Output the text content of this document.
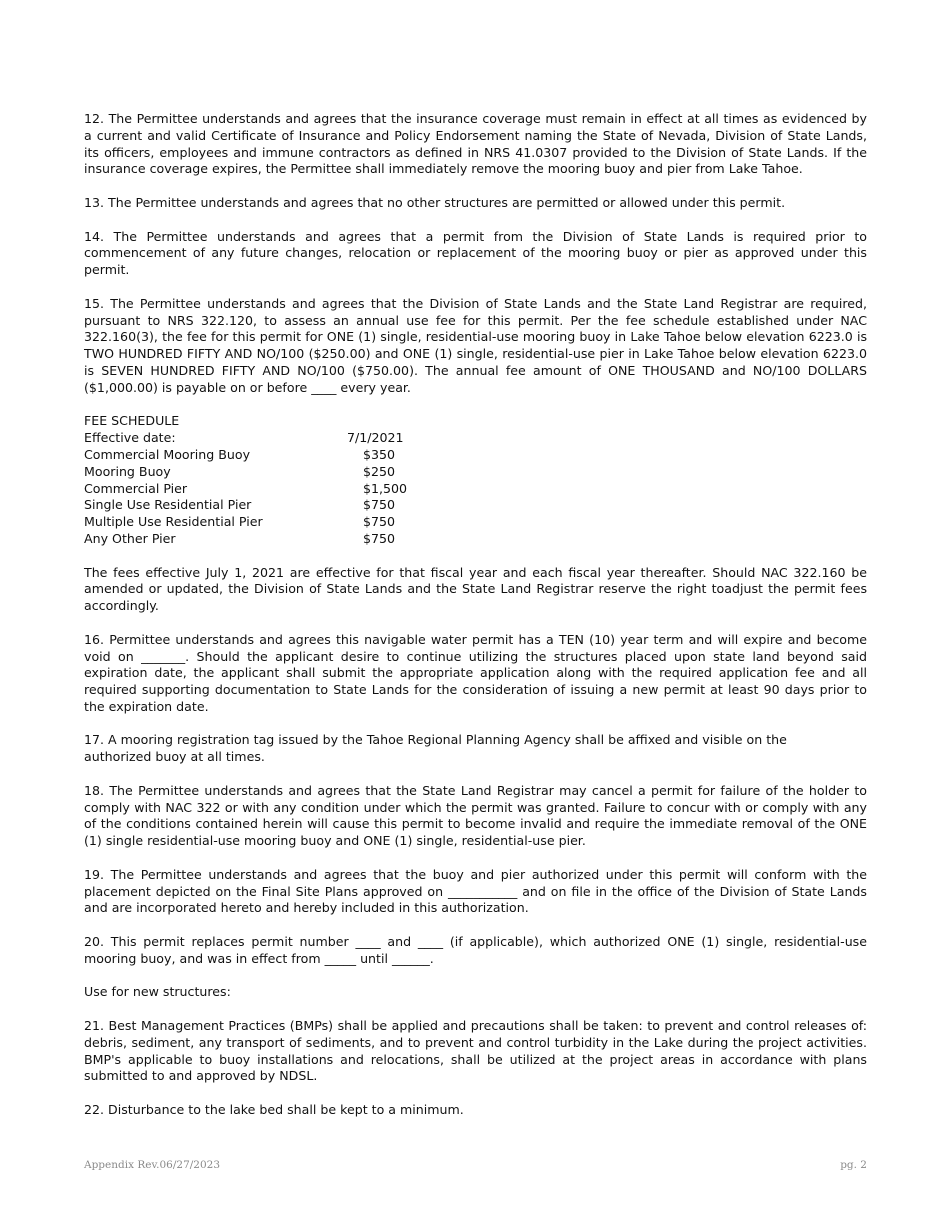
12. The Permittee understands and agrees that the insurance coverage must remain in effect at all times as evidenced by a current and valid Certificate of Insurance and Policy Endorsement naming the State of Nevada, Division of State Lands, its officers, employees and immune contractors as defined in NRS 41.0307 provided to the Division of State Lands. If the insurance coverage expires, the Permittee shall immediately remove the mooring buoy and pier from Lake Tahoe.

13. The Permittee understands and agrees that no other structures are permitted or allowed under this permit.

14. The Permittee understands and agrees that a permit from the Division of State Lands is required prior to commencement of any future changes, relocation or replacement of the mooring buoy or pier as approved under this permit.

15. The Permittee understands and agrees that the Division of State Lands and the State Land Registrar are required, pursuant to NRS 322.120, to assess an annual use fee for this permit. Per the fee schedule established under NAC 322.160(3), the fee for this permit for ONE (1) single, residential-use mooring buoy in Lake Tahoe below elevation 6223.0 is TWO HUNDRED FIFTY AND NO/100 ($250.00) and ONE (1) single, residential-use pier in Lake Tahoe below elevation 6223.0 is SEVEN HUNDRED FIFTY AND NO/100 ($750.00). The annual fee amount of ONE THOUSAND and NO/100 DOLLARS ($1,000.00) is payable on or before ____ every year.

FEE SCHEDULE
Effective date:	7/1/2021
Commercial Mooring Buoy	$350
Mooring Buoy	$250
Commercial Pier	$1,500
Single Use Residential Pier	$750
Multiple Use Residential Pier	$750
Any Other Pier	$750

The fees effective July 1, 2021 are effective for that fiscal year and each fiscal year thereafter. Should NAC 322.160 be amended or updated, the Division of State Lands and the State Land Registrar reserve the right toadjust the permit fees accordingly.

16. Permittee understands and agrees this navigable water permit has a TEN (10) year term and will expire and become void on _______. Should the applicant desire to continue utilizing the structures placed upon state land beyond said expiration date, the applicant shall submit the appropriate application along with the required application fee and all required supporting documentation to State Lands for the consideration of issuing a new permit at least 90 days prior to the expiration date.

17. A mooring registration tag issued by the Tahoe Regional Planning Agency shall be affixed and visible on the
authorized buoy at all times.

18. The Permittee understands and agrees that the State Land Registrar may cancel a permit for failure of the holder to comply with NAC 322 or with any condition under which the permit was granted. Failure to concur with or comply with any of the conditions contained herein will cause this permit to become invalid and require the immediate removal of the ONE (1) single residential-use mooring buoy and ONE (1) single, residential-use pier.

19. The Permittee understands and agrees that the buoy and pier authorized under this permit will conform with the placement depicted on the Final Site Plans approved on ___________ and on file in the office of the Division of State Lands and are incorporated hereto and hereby included in this authorization.

20. This permit replaces permit number ____ and ____ (if applicable), which authorized ONE (1) single, residential-use mooring buoy, and was in effect from _____ until ______.

Use for new structures:

21. Best Management Practices (BMPs) shall be applied and precautions shall be taken: to prevent and control releases of: debris, sediment, any transport of sediments, and to prevent and control turbidity in the Lake during the project activities. BMP's applicable to buoy installations and relocations, shall be utilized at the project areas in accordance with plans submitted to and approved by NDSL.

22. Disturbance to the lake bed shall be kept to a minimum.

Appendix Rev.06/27/2023	pg. 2
